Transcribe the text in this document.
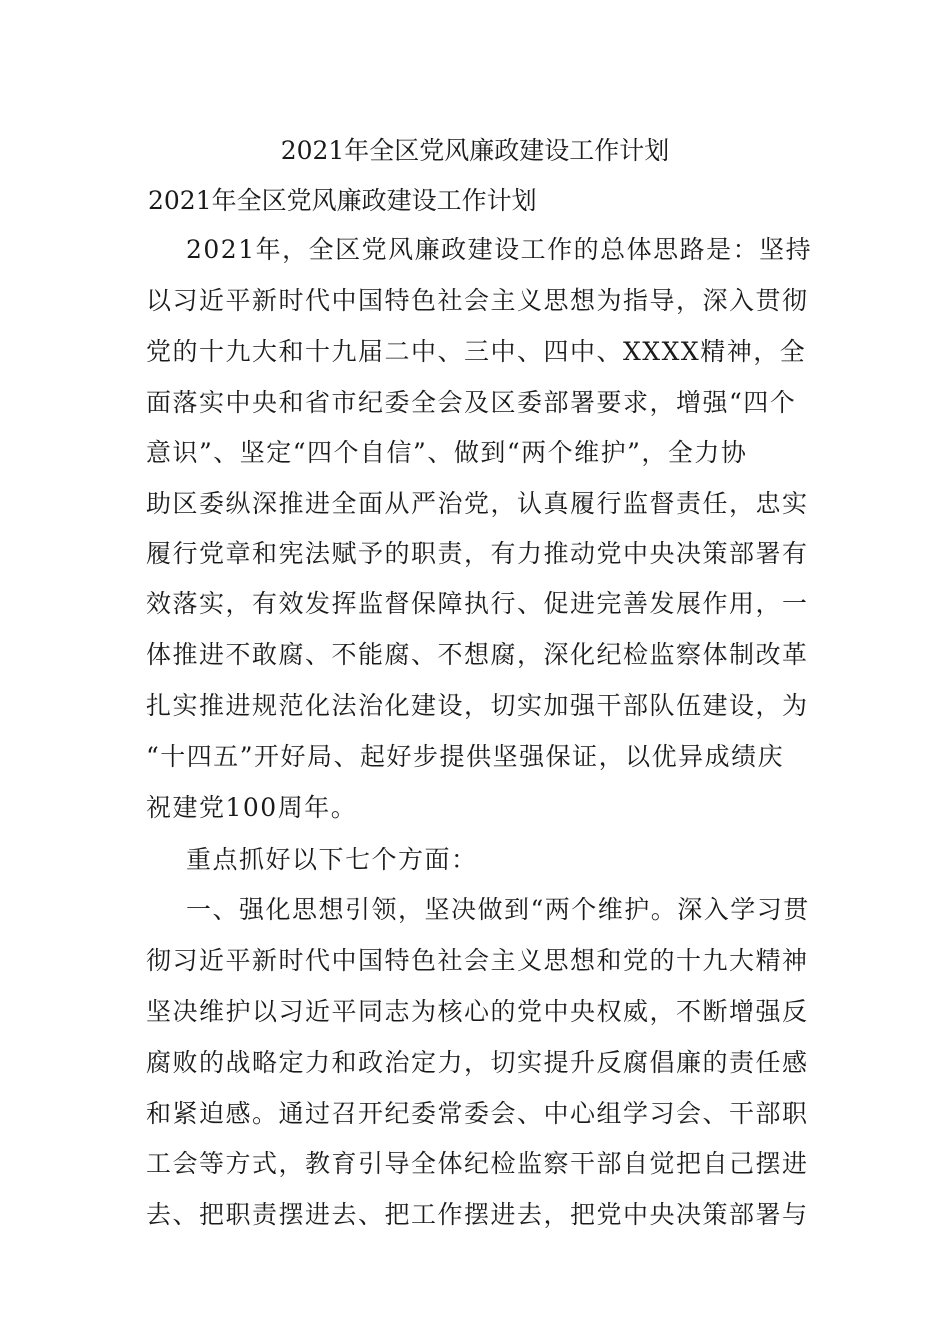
2021年全区党风廉政建设工作计划
2021年全区党风廉政建设工作计划
2021年，全区党风廉政建设工作的总体思路是：坚持
以习近平新时代中国特色社会主义思想为指导，深入贯彻
党的十九大和十九届二中、三中、四中、XXXX精神，全
面落实中央和省市纪委全会及区委部署要求，增强“四个
意识”、坚定“四个自信”、做到“两个维护”，全力协
助区委纵深推进全面从严治党，认真履行监督责任，忠实
履行党章和宪法赋予的职责，有力推动党中央决策部署有
效落实，有效发挥监督保障执行、促进完善发展作用，一
体推进不敢腐、不能腐、不想腐，深化纪检监察体制改革
扎实推进规范化法治化建设，切实加强干部队伍建设，为
“十四五”开好局、起好步提供坚强保证，以优异成绩庆
祝建党100周年。
重点抓好以下七个方面：
一、强化思想引领，坚决做到“两个维护。深入学习贯
彻习近平新时代中国特色社会主义思想和党的十九大精神
坚决维护以习近平同志为核心的党中央权威，不断增强反
腐败的战略定力和政治定力，切实提升反腐倡廉的责任感
和紧迫感。通过召开纪委常委会、中心组学习会、干部职
工会等方式，教育引导全体纪检监察干部自觉把自己摆进
去、把职责摆进去、把工作摆进去，把党中央决策部署与
